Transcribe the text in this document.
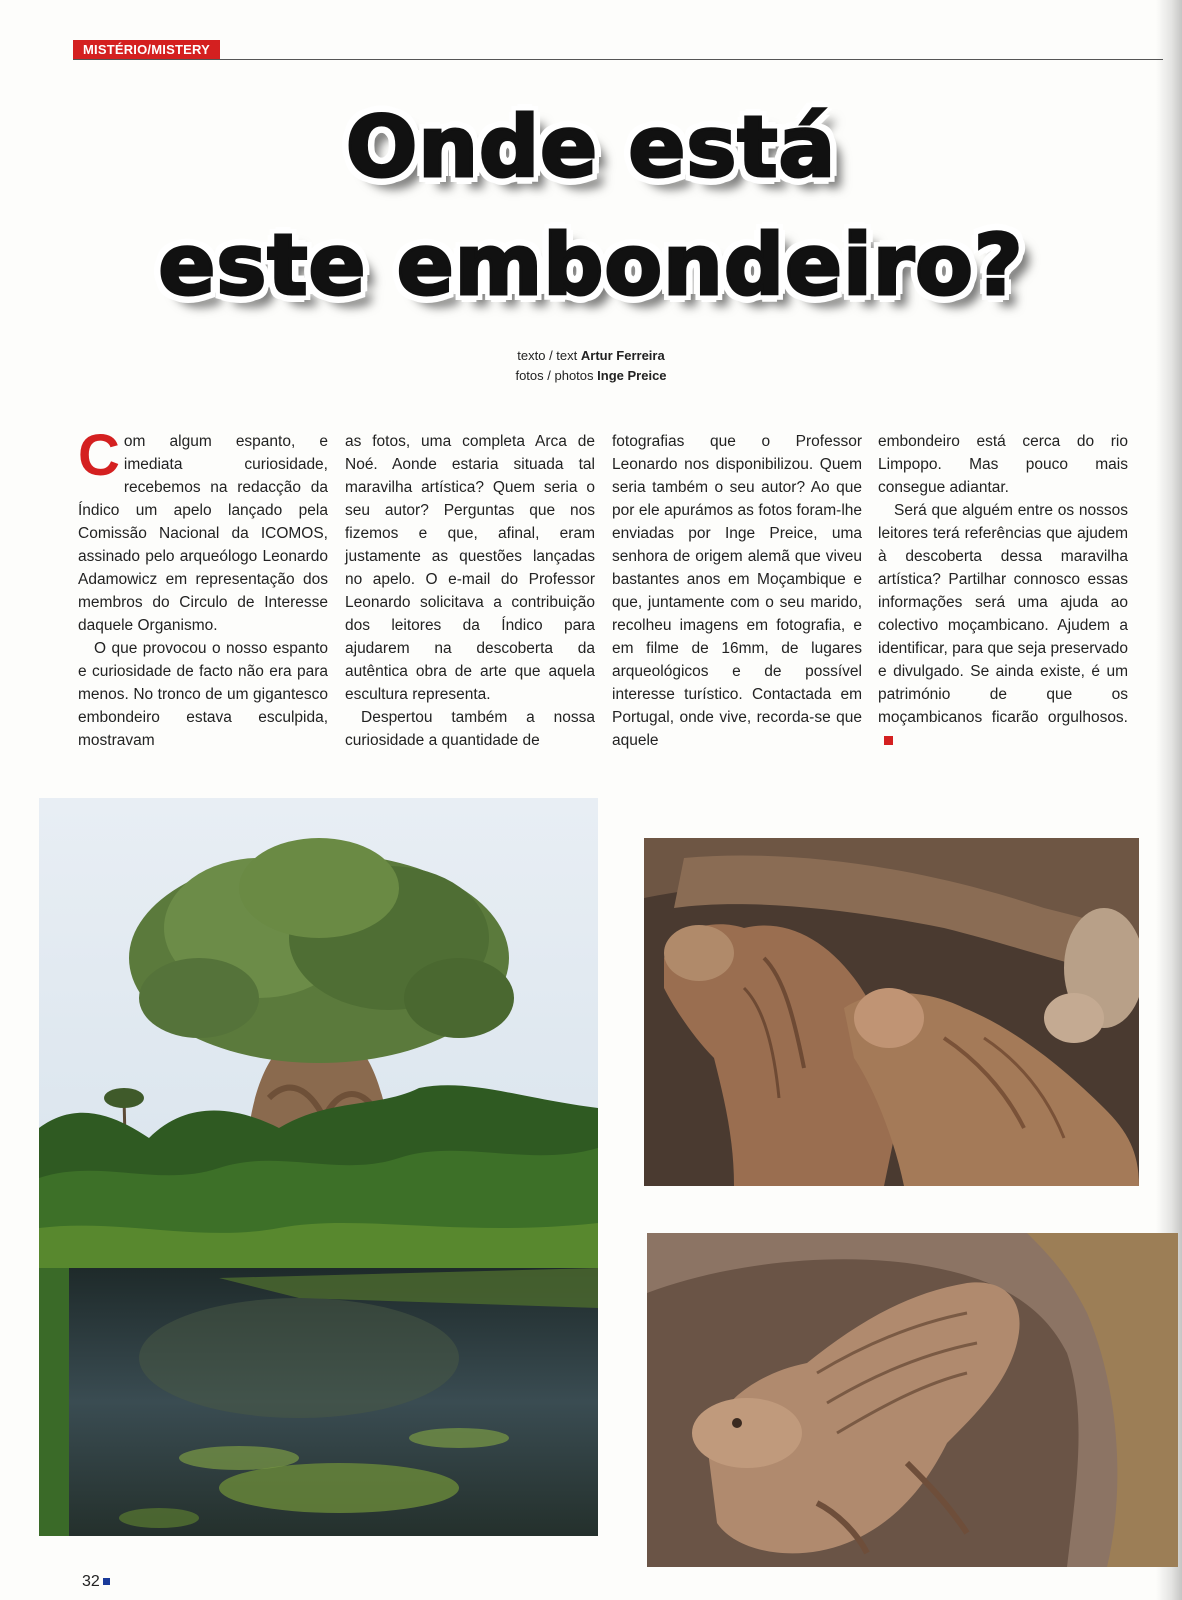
MISTÉRIO/MISTERY
Onde está
este embondeiro?
texto / text Artur Ferreira
fotos / photos Inge Preice

Com algum espanto, e imediata curiosidade, recebemos na redacção da Índico um apelo lançado pela Comissão Nacional da ICOMOS, assinado pelo arqueólogo Leonardo Adamowicz em representação dos membros do Circulo de Interesse daquele Organismo.

O que provocou o nosso espanto e curiosidade de facto não era para menos. No tronco de um gigantesco embondeiro estava esculpida, mostravam

as fotos, uma completa Arca de Noé. Aonde estaria situada tal maravilha artística? Quem seria o seu autor? Perguntas que nos fizemos e que, afinal, eram justamente as questões lançadas no apelo. O e-mail do Professor Leonardo solicitava a contribuição dos leitores da Índico para ajudarem na descoberta da autêntica obra de arte que aquela escultura representa.

Despertou também a nossa curiosidade a quantidade de

fotografias que o Professor Leonardo nos disponibilizou. Quem seria também o seu autor? Ao que por ele apurámos as fotos foram-lhe enviadas por Inge Preice, uma senhora de origem alemã que viveu bastantes anos em Moçambique e que, juntamente com o seu marido, recolheu imagens em fotografia, e em filme de 16mm, de lugares arqueológicos e de possível interesse turístico. Contactada em Portugal, onde vive, recorda-se que aquele

embondeiro está cerca do rio Limpopo. Mas pouco mais consegue adiantar.

Será que alguém entre os nossos leitores terá referências que ajudem à descoberta dessa maravilha artística? Partilhar connosco essas informações será uma ajuda ao colectivo moçambicano. Ajudem a identificar, para que seja preservado e divulgado. Se ainda existe, é um património de que os moçambicanos ficarão orgulhosos.

32
